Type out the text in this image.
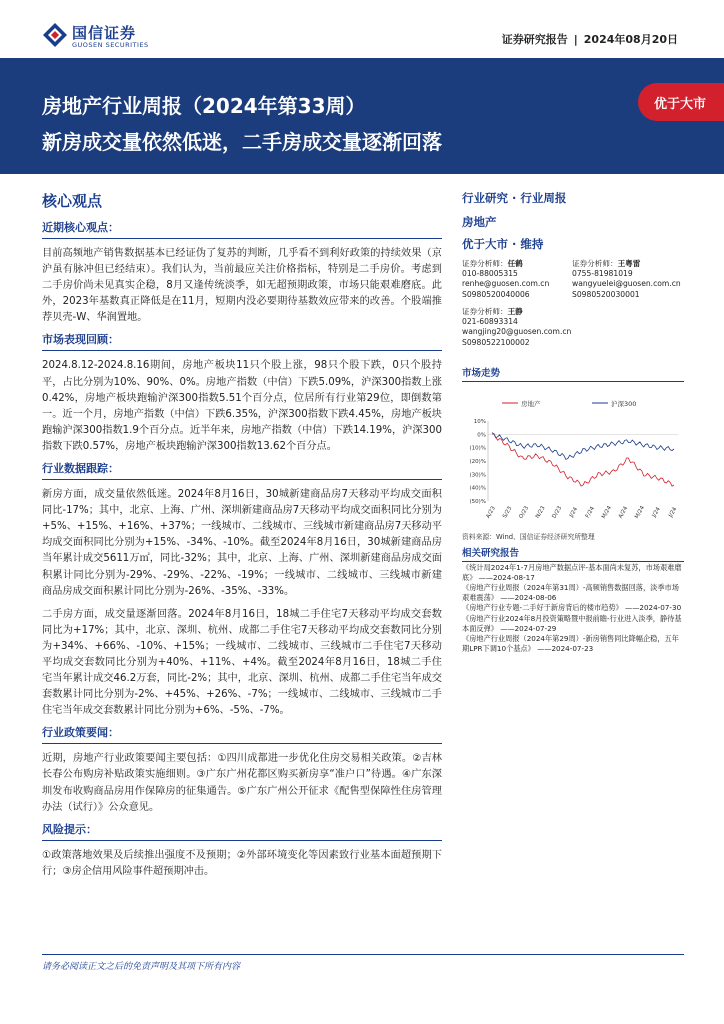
国信证券
GUOSEN SECURITIES	证券研究报告 | 2024年08月20日
房地产行业周报（2024年第33周）
新房成交量依然低迷，二手房成交量逐渐回落
优于大市
核心观点
近期核心观点：
目前高频地产销售数据基本已经证伪了复苏的判断，几乎看不到利好政策的持续效果（京沪虽有脉冲但已经结束）。我们认为，当前最应关注价格指标，特别是二手房价。考虑到二手房价尚未见真实企稳，8月又逢传统淡季，如无超预期政策，市场只能艰难磨底。此外，2023年基数真正降低是在11月，短期内没必要期待基数效应带来的改善。个股端推荐贝壳-W、华润置地。
市场表现回顾：
2024.8.12-2024.8.16期间，房地产板块11只个股上涨，98只个股下跌，0只个股持平，占比分别为10%、90%、0%。房地产指数（中信）下跌5.09%，沪深300指数上涨0.42%，房地产板块跑输沪深300指数5.51个百分点，位居所有行业第29位，即倒数第一。近一个月，房地产指数（中信）下跌6.35%，沪深300指数下跌4.45%，房地产板块跑输沪深300指数1.9个百分点。近半年来，房地产指数（中信）下跌14.19%，沪深300指数下跌0.57%，房地产板块跑输沪深300指数13.62个百分点。
行业数据跟踪：
新房方面，成交量依然低迷。2024年8月16日，30城新建商品房7天移动平均成交面积同比-17%；其中，北京、上海、广州、深圳新建商品房7天移动平均成交面积同比分别为+5%、+15%、+16%、+37%；一线城市、二线城市、三线城市新建商品房7天移动平均成交面积同比分别为+15%、-34%、-10%。截至2024年8月16日，30城新建商品房当年累计成交5611万㎡，同比-32%；其中，北京、上海、广州、深圳新建商品房成交面积累计同比分别为-29%、-29%、-22%、-19%；一线城市、二线城市、三线城市新建商品房成交面积累计同比分别为-26%、-35%、-33%。
二手房方面，成交量逐渐回落。2024年8月16日，18城二手住宅7天移动平均成交套数同比为+17%；其中，北京、深圳、杭州、成都二手住宅7天移动平均成交套数同比分别为+34%、+66%、-10%、+15%；一线城市、二线城市、三线城市二手住宅7天移动平均成交套数同比分别为+40%、+11%、+4%。截至2024年8月16日，18城二手住宅当年累计成交46.2万套，同比-2%；其中，北京、深圳、杭州、成都二手住宅当年成交套数累计同比分别为-2%、+45%、+26%、-7%；一线城市、二线城市、三线城市二手住宅当年成交套数累计同比分别为+6%、-5%、-7%。
行业政策要闻：
近期，房地产行业政策要闻主要包括：①四川成都进一步优化住房交易相关政策。②吉林长春公布购房补贴政策实施细则。③广东广州花都区购买新房享“准户口”待遇。④广东深圳发布收购商品房用作保障房的征集通告。⑤广东广州公开征求《配售型保障性住房管理办法（试行）》公众意见。
风险提示：
①政策落地效果及后续推出强度不及预期；②外部环境变化等因素致行业基本面超预期下行；③房企信用风险事件超预期冲击。
行业研究 · 行业周报
房地产
优于大市 · 维持
证券分析师：任鹤
010-88005315
renhe@guosen.com.cn
S0980520040006
证券分析师：王粤雷
0755-81981019
wangyuelei@guosen.com.cn
S0980520030001
证券分析师：王静
021-60893314
wangjing20@guosen.com.cn
S0980522100002
市场走势
房地产	沪深300
10%
0%
(10)%
(20)%
(30)%
(40)%
(50)%
A/23 S/23 O/23 N/23 D/23 J/24 F/24 M/24 A/24 M/24 J/24 J/24
资料来源：Wind、国信证券经济研究所整理
相关研究报告
《统计局2024年1-7月房地产数据点评-基本面尚未复苏，市场艰难磨底》 ——2024-08-17
《房地产行业周报（2024年第31周）-高频销售数据回落，淡季市场艰难震荡》 ——2024-08-06
《房地产行业专题-二手好于新房背后的楼市趋势》 ——2024-07-30
《房地产行业2024年8月投资策略暨中报前瞻-行业进入淡季，静待基本面反弹》 ——2024-07-29
《房地产行业周报（2024年第29周）-新房销售同比降幅企稳，五年期LPR下调10个基点》 ——2024-07-23
请务必阅读正文之后的免责声明及其项下所有内容
